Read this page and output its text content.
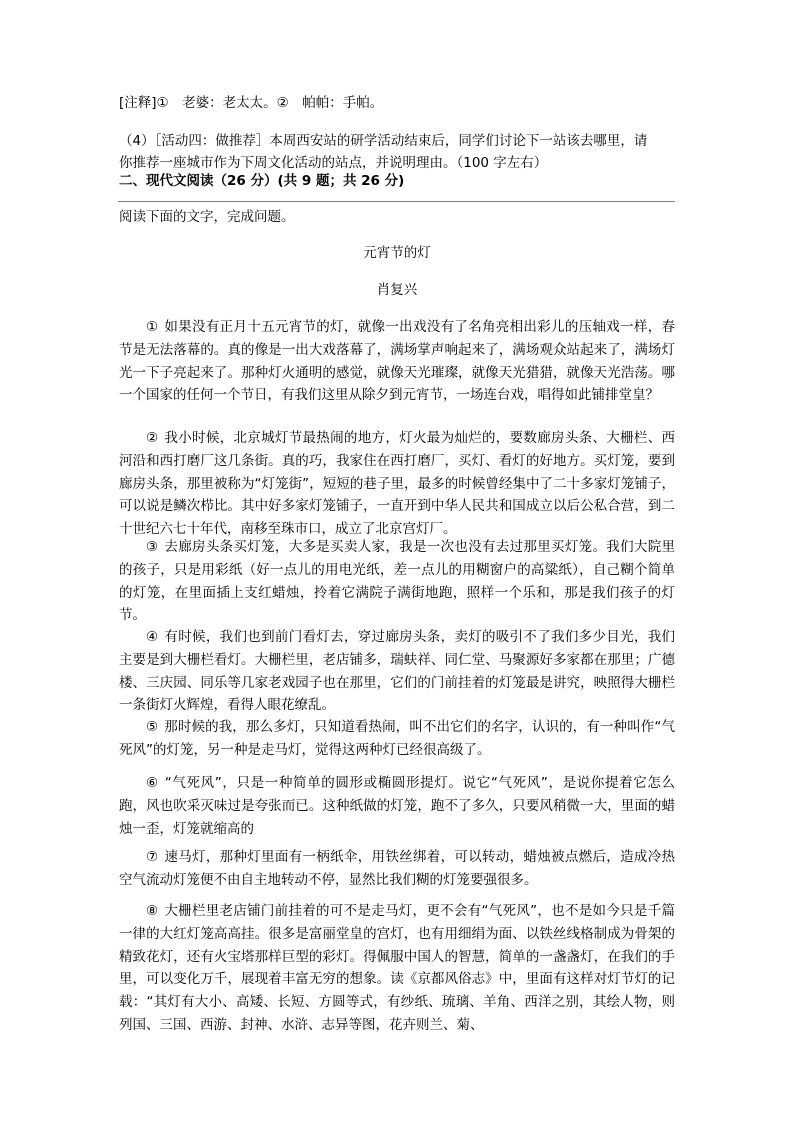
[注释]①　老婆：老太太。②　帕帕：手帕。
（4）［活动四：做推荐］本周西安站的研学活动结束后，同学们讨论下一站该去哪里，请
你推荐一座城市作为下周文化活动的站点，并说明理由。（100 字左右）
二、现代文阅读（26 分）(共 9 题；共 26 分)
阅读下面的文字，完成问题。
元宵节的灯
肖复兴
① 如果没有正月十五元宵节的灯，就像一出戏没有了名角亮相出彩儿的压轴戏一样，春节是无法落幕的。真的像是一出大戏落幕了，满场掌声响起来了，满场观众站起来了，满场灯光一下子亮起来了。那种灯火通明的感觉，就像天光璀璨，就像天光猎猎，就像天光浩荡。哪一个国家的任何一个节日，有我们这里从除夕到元宵节，一场连台戏，唱得如此铺排堂皇？
② 我小时候，北京城灯节最热闹的地方，灯火最为灿烂的，要数廊房头条、大栅栏、西河沿和西打磨厂这几条街。真的巧，我家住在西打磨厂，买灯、看灯的好地方。买灯笼，要到廊房头条，那里被称为“灯笼街”，短短的巷子里，最多的时候曾经集中了二十多家灯笼铺子，可以说是鳞次栉比。其中好多家灯笼铺子，一直开到中华人民共和国成立以后公私合营，到二十世纪六七十年代，南移至珠市口，成立了北京宫灯厂。
③ 去廊房头条买灯笼，大多是买卖人家，我是一次也没有去过那里买灯笼。我们大院里的孩子，只是用彩纸（好一点儿的用电光纸，差一点儿的用糊窗户的高粱纸），自己糊个简单的灯笼，在里面插上支红蜡烛，拎着它满院子满街地跑，照样一个乐和，那是我们孩子的灯节。
④ 有时候，我们也到前门看灯去，穿过廊房头条，卖灯的吸引不了我们多少目光，我们主要是到大栅栏看灯。大栅栏里，老店铺多，瑞蚨祥、同仁堂、马聚源好多家都在那里；广德楼、三庆园、同乐等几家老戏园子也在那里，它们的门前挂着的灯笼最是讲究，映照得大栅栏一条街灯火辉煌，看得人眼花缭乱。
⑤ 那时候的我，那么多灯，只知道看热闹，叫不出它们的名字，认识的，有一种叫作“气死风”的灯笼，另一种是走马灯，觉得这两种灯已经很高级了。
⑥ “气死风”，只是一种简单的圆形或椭圆形提灯。说它“气死风”，是说你提着它怎么跑，风也吹采灭味过是夸张而已。这种纸做的灯笼，跑不了多久，只要风稍微一大，里面的蜡烛一歪，灯笼就缩高的
⑦ 速马灯，那种灯里面有一柄纸伞，用铁丝绑着，可以转动，蜡烛被点燃后，造成冷热空气流动灯笼便不由自主地转动不停，显然比我们糊的灯笼要强很多。
⑧ 大栅栏里老店铺门前挂着的可不是走马灯，更不会有“气死风”，也不是如今只是千篇一律的大红灯笼高高挂。很多是富丽堂皇的宫灯，也有用细绢为面、以铁丝线格制成为骨架的精致花灯，还有火宝塔那样巨型的彩灯。得佩服中国人的智慧，简单的一盏盏灯，在我们的手里，可以变化万千，展现着丰富无穷的想象。读《京都风俗志》中，里面有这样对灯节灯的记载：“其灯有大小、高矮、长短、方圆等式，有纱纸、琉璃、羊角、西洋之别，其绘人物，则列国、三国、西游、封神、水浒、志异等图，花卉则兰、菊、
